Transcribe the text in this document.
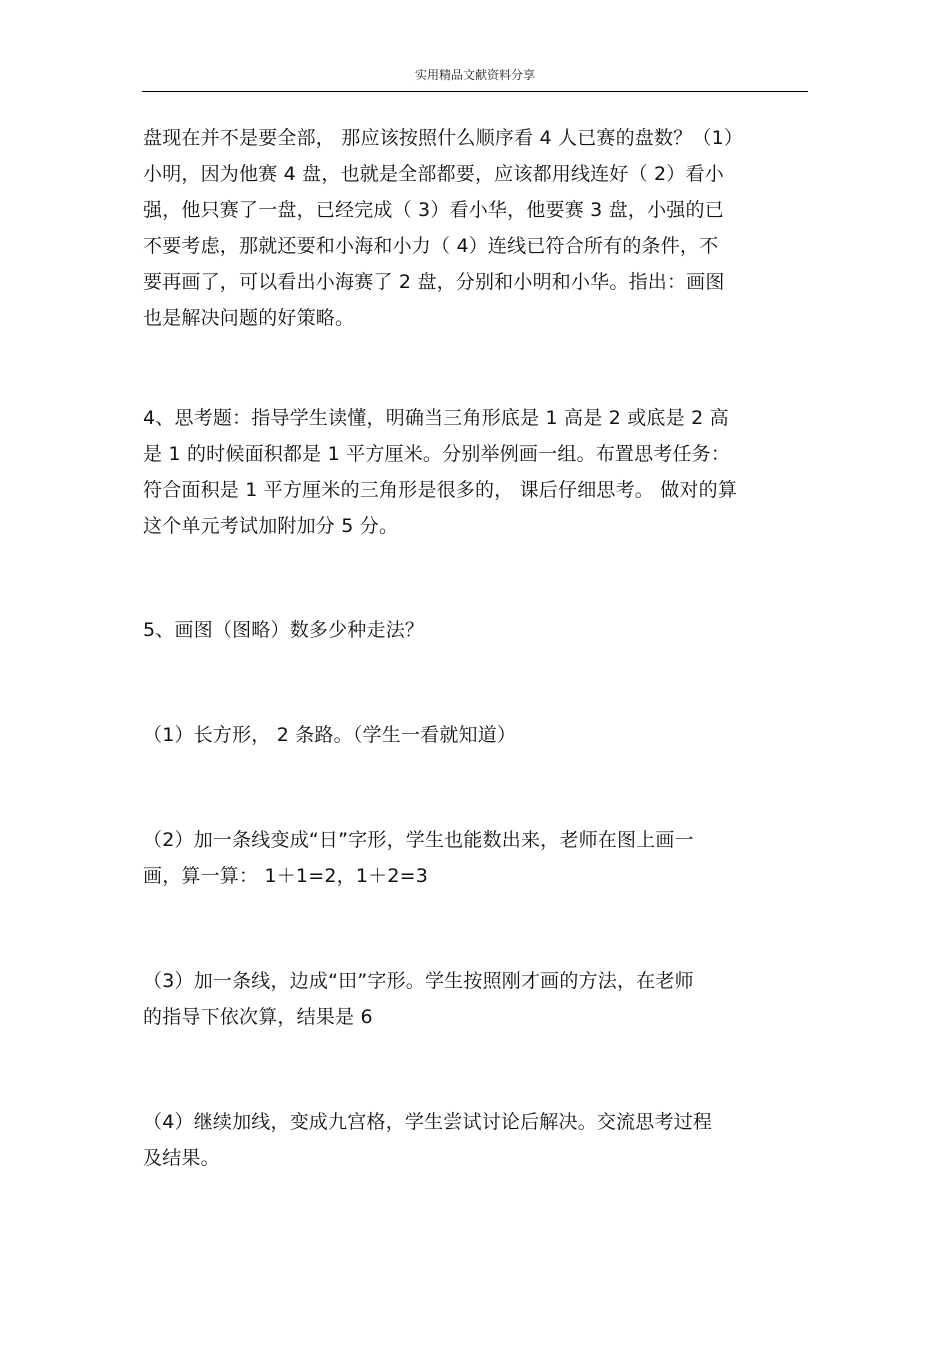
实用精品文献资料分享
盘现在并不是要全部， 那应该按照什么顺序看 4 人已赛的盘数？（1）
小明，因为他赛 4 盘，也就是全部都要，应该都用线连好（ 2）看小
强，他只赛了一盘，已经完成（ 3）看小华，他要赛 3 盘，小强的已
不要考虑，那就还要和小海和小力（ 4）连线已符合所有的条件，不
要再画了，可以看出小海赛了 2 盘，分别和小明和小华。指出：画图
也是解决问题的好策略。
4、思考题：指导学生读懂，明确当三角形底是 1 高是 2 或底是 2 高
是 1 的时候面积都是 1 平方厘米。分别举例画一组。布置思考任务：
符合面积是 1 平方厘米的三角形是很多的， 课后仔细思考。 做对的算
这个单元考试加附加分 5 分。
5、画图（图略）数多少种走法？
（1）长方形， 2 条路。（学生一看就知道）
（2）加一条线变成“日”字形，学生也能数出来，老师在图上画一
画，算一算： 1＋1=2，1＋2=3
（3）加一条线，边成“田”字形。学生按照刚才画的方法，在老师
的指导下依次算，结果是 6
（4）继续加线，变成九宫格，学生尝试讨论后解决。交流思考过程
及结果。
